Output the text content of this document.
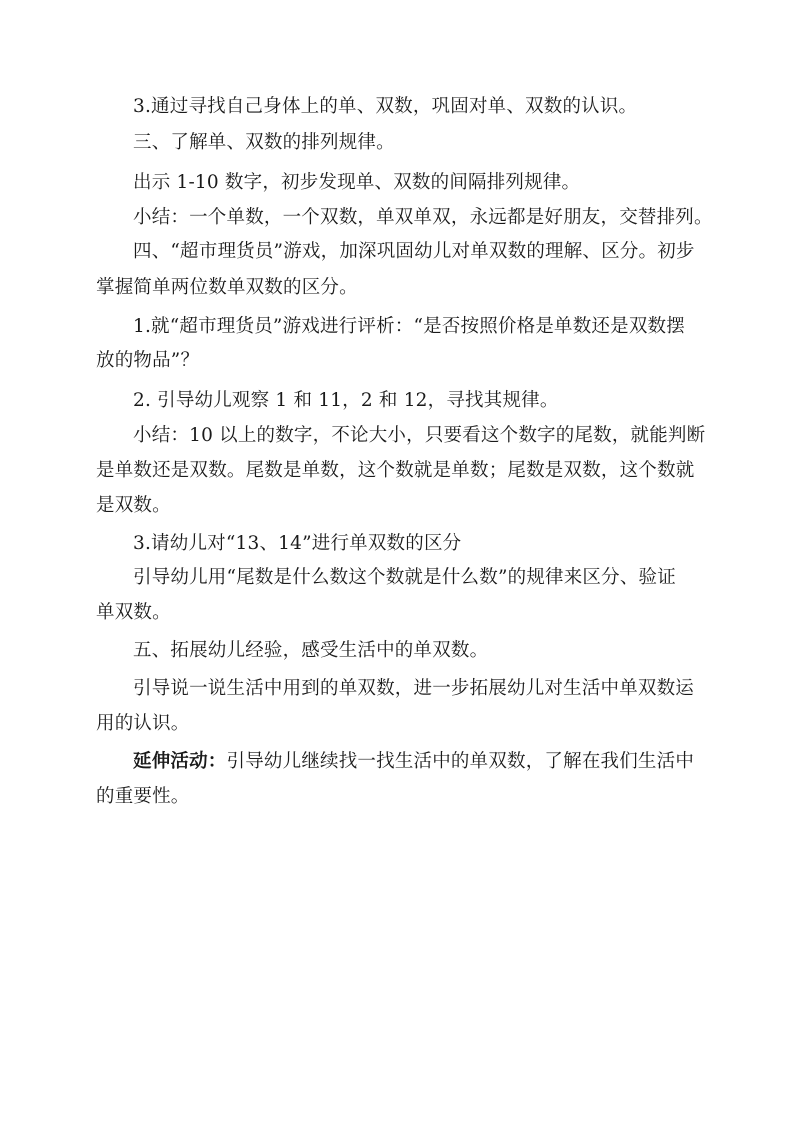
3.通过寻找自己身体上的单、双数，巩固对单、双数的认识。
三、了解单、双数的排列规律。
出示 1-10 数字，初步发现单、双数的间隔排列规律。
小结：一个单数，一个双数，单双单双，永远都是好朋友，交替排列。
四、“超市理货员”游戏，加深巩固幼儿对单双数的理解、区分。初步
掌握简单两位数单双数的区分。
1.就“超市理货员”游戏进行评析：“是否按照价格是单数还是双数摆
放的物品”？
2. 引导幼儿观察 1 和 11，2 和 12，寻找其规律。
小结：10 以上的数字，不论大小，只要看这个数字的尾数，就能判断
是单数还是双数。尾数是单数，这个数就是单数；尾数是双数，这个数就
是双数。
3.请幼儿对“13、14”进行单双数的区分
引导幼儿用“尾数是什么数这个数就是什么数”的规律来区分、验证
单双数。
五、拓展幼儿经验，感受生活中的单双数。
引导说一说生活中用到的单双数，进一步拓展幼儿对生活中单双数运
用的认识。
延伸活动：引导幼儿继续找一找生活中的单双数，了解在我们生活中
的重要性。
